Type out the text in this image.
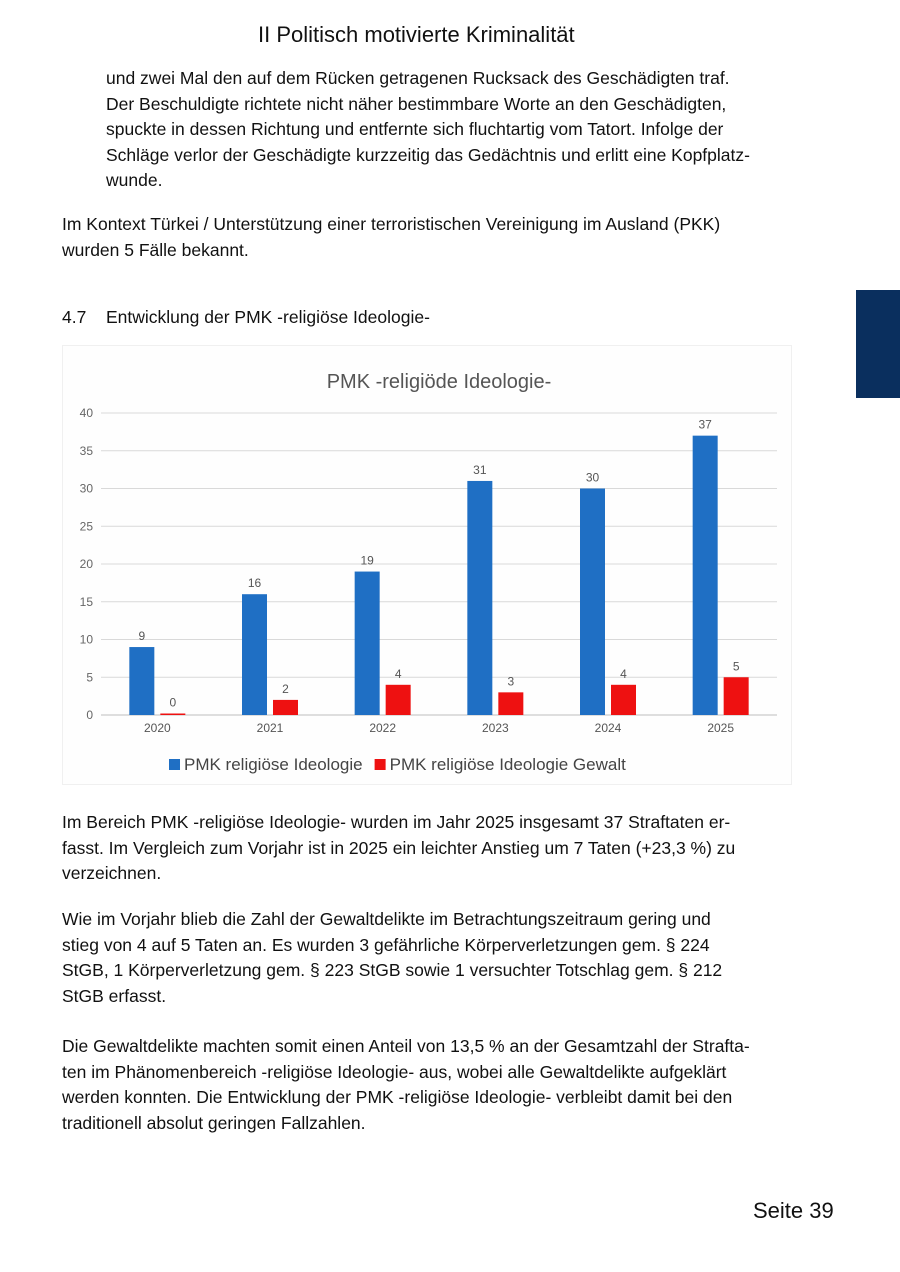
II Politisch motivierte Kriminalität
und zwei Mal den auf dem Rücken getragenen Rucksack des Geschädigten traf.
Der Beschuldigte richtete nicht näher bestimmbare Worte an den Geschädigten,
spuckte in dessen Richtung und entfernte sich fluchtartig vom Tatort. Infolge der
Schläge verlor der Geschädigte kurzzeitig das Gedächtnis und erlitt eine Kopfplatz-
wunde.
Im Kontext Türkei / Unterstützung einer terroristischen Vereinigung im Ausland (PKK)
wurden 5 Fälle bekannt.
4.7 Entwicklung der PMK -religiöse Ideologie-
PMK -religiöde Ideologie-
0
5
10
15
20
25
30
35
40
9
0
2020
16
2
2021
19
4
2022
31
3
2023
30
4
2024
37
5
2025
PMK religiöse Ideologie PMK religiöse Ideologie Gewalt
Im Bereich PMK -religiöse Ideologie- wurden im Jahr 2025 insgesamt 37 Straftaten er-
fasst. Im Vergleich zum Vorjahr ist in 2025 ein leichter Anstieg um 7 Taten (+23,3 %) zu
verzeichnen.
Wie im Vorjahr blieb die Zahl der Gewaltdelikte im Betrachtungszeitraum gering und
stieg von 4 auf 5 Taten an. Es wurden 3 gefährliche Körperverletzungen gem. § 224
StGB, 1 Körperverletzung gem. § 223 StGB sowie 1 versuchter Totschlag gem. § 212
StGB erfasst.
Die Gewaltdelikte machten somit einen Anteil von 13,5 % an der Gesamtzahl der Strafta-
ten im Phänomenbereich -religiöse Ideologie- aus, wobei alle Gewaltdelikte aufgeklärt
werden konnten. Die Entwicklung der PMK -religiöse Ideologie- verbleibt damit bei den
traditionell absolut geringen Fallzahlen.
Seite 39
